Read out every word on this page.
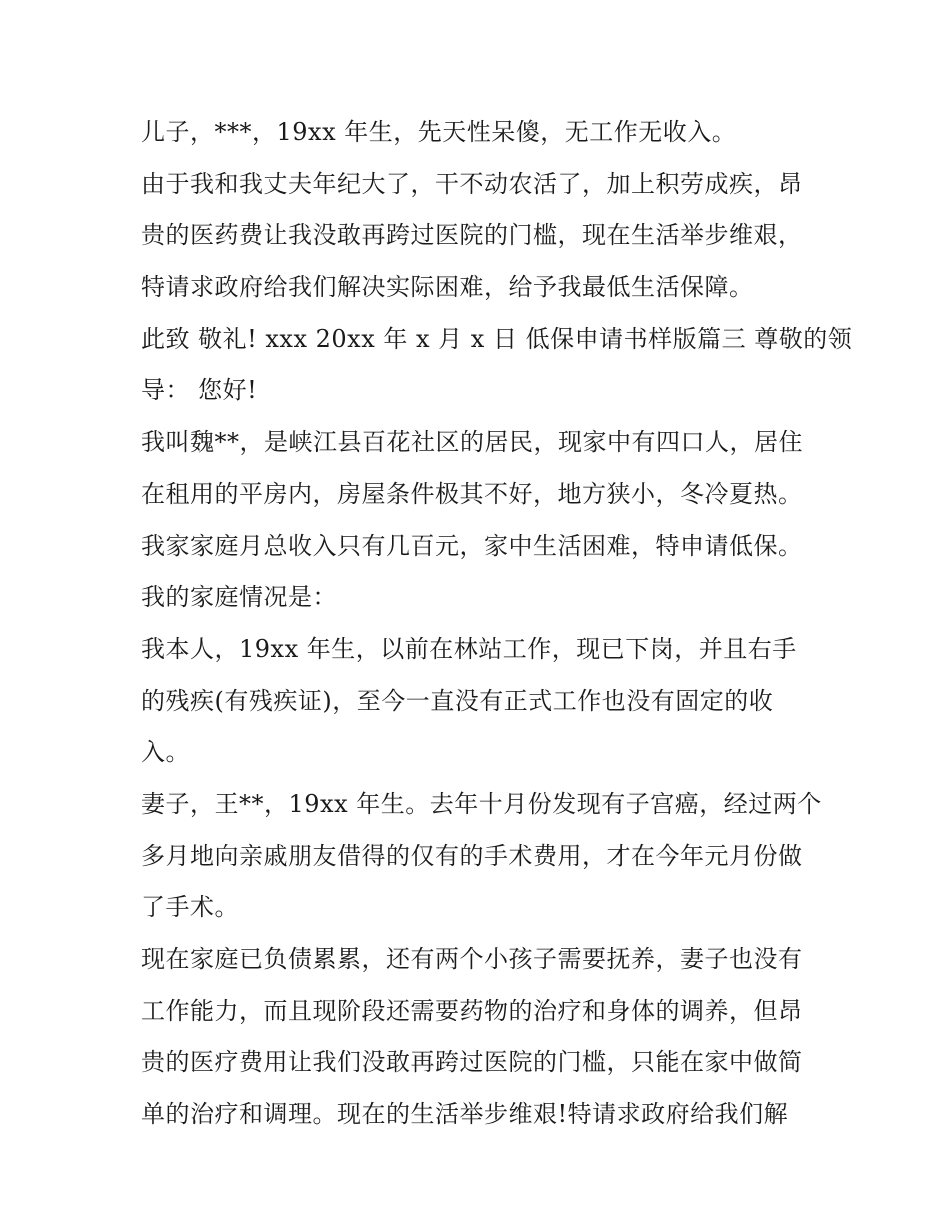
儿子，***，19xx 年生，先天性呆傻，无工作无收入。
由于我和我丈夫年纪大了，干不动农活了，加上积劳成疾，昂
贵的医药费让我没敢再跨过医院的门槛，现在生活举步维艰，
特请求政府给我们解决实际困难，给予我最低生活保障。
此致 敬礼! xxx 20xx 年 x 月 x 日 低保申请书样版篇三 尊敬的领
导： 您好!
我叫魏**，是峡江县百花社区的居民，现家中有四口人，居住
在租用的平房内，房屋条件极其不好，地方狭小，冬冷夏热。
我家家庭月总收入只有几百元，家中生活困难，特申请低保。
我的家庭情况是：
我本人，19xx 年生，以前在林站工作，现已下岗，并且右手
的残疾(有残疾证)，至今一直没有正式工作也没有固定的收
入。
妻子，王**，19xx 年生。去年十月份发现有子宫癌，经过两个
多月地向亲戚朋友借得的仅有的手术费用，才在今年元月份做
了手术。
现在家庭已负债累累，还有两个小孩子需要抚养，妻子也没有
工作能力，而且现阶段还需要药物的治疗和身体的调养，但昂
贵的医疗费用让我们没敢再跨过医院的门槛，只能在家中做简
单的治疗和调理。现在的生活举步维艰!特请求政府给我们解
